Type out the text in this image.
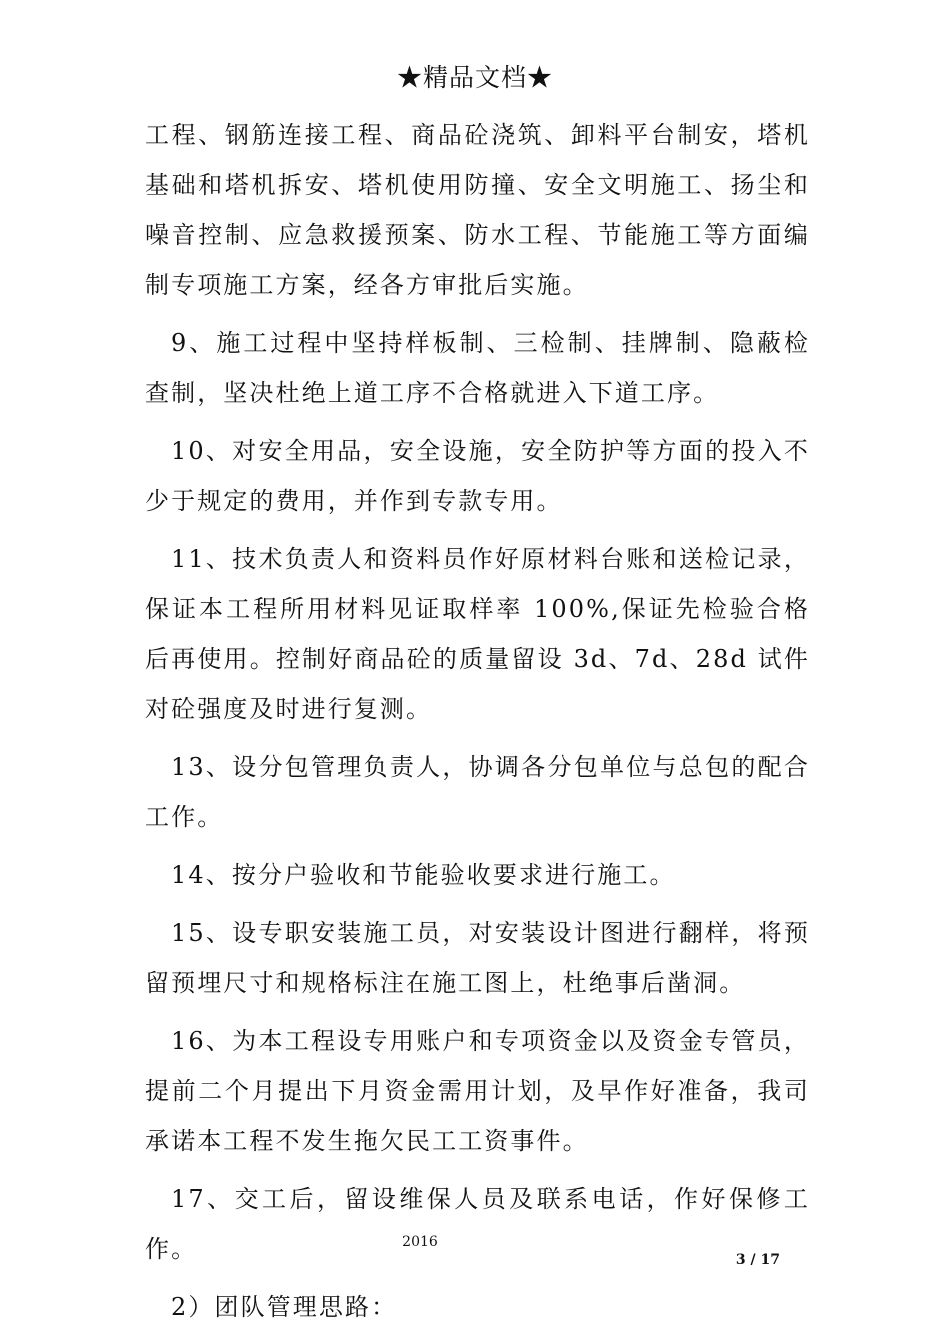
★精品文档★

工程、钢筋连接工程、商品砼浇筑、卸料平台制安，塔机基础和塔机拆安、塔机使用防撞、安全文明施工、扬尘和噪音控制、应急救援预案、防水工程、节能施工等方面编制专项施工方案，经各方审批后实施。

9、施工过程中坚持样板制、三检制、挂牌制、隐蔽检查制，坚决杜绝上道工序不合格就进入下道工序。

10、对安全用品，安全设施，安全防护等方面的投入不少于规定的费用，并作到专款专用。

11、技术负责人和资料员作好原材料台账和送检记录，保证本工程所用材料见证取样率 100%,保证先检验合格后再使用。控制好商品砼的质量留设 3d、7d、28d 试件对砼强度及时进行复测。

13、设分包管理负责人，协调各分包单位与总包的配合工作。

14、按分户验收和节能验收要求进行施工。

15、设专职安装施工员，对安装设计图进行翻样，将预留预埋尺寸和规格标注在施工图上，杜绝事后凿洞。

16、为本工程设专用账户和专项资金以及资金专管员，提前二个月提出下月资金需用计划，及早作好准备，我司承诺本工程不发生拖欠民工工资事件。

17、交工后，留设维保人员及联系电话，作好保修工作。

2）团队管理思路：

2016
3 / 17
